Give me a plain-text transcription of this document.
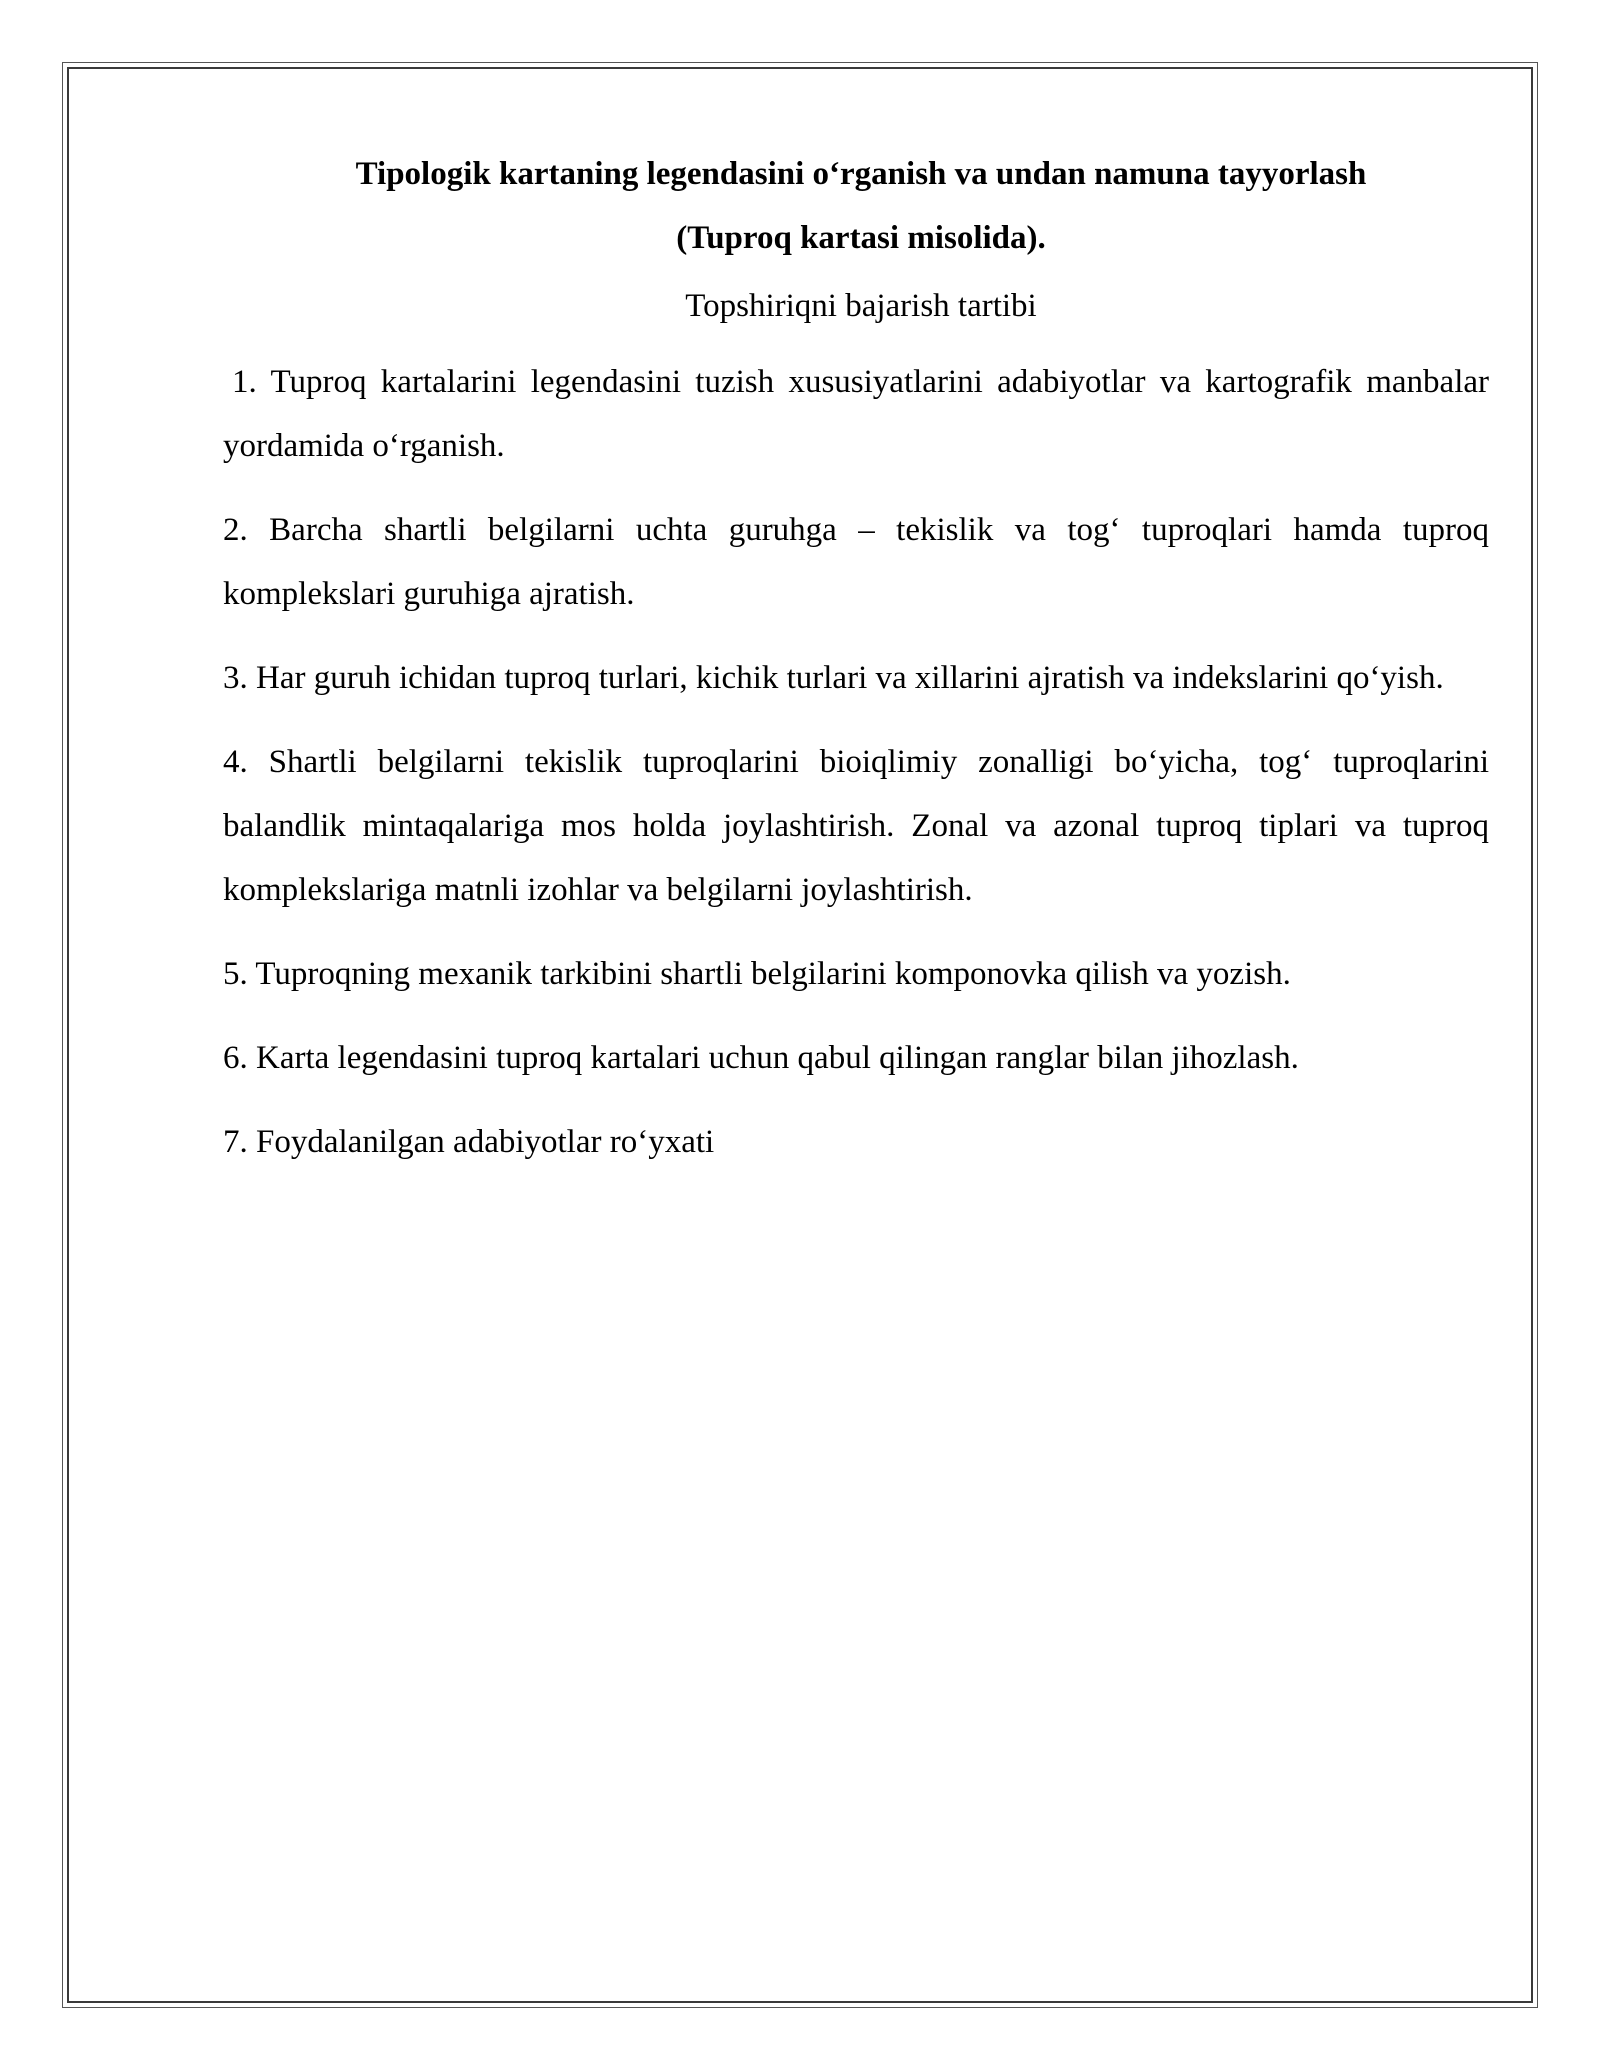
Tipologik kartaning legendasini o‘rganish va undan namuna tayyorlash
(Tuproq kartasi misolida).
Topshiriqni bajarish tartibi
1. Tuproq kartalarini legendasini tuzish xususiyatlarini adabiyotlar va kartografik manbalar yordamida o‘rganish.
2. Barcha shartli belgilarni uchta guruhga – tekislik va tog‘ tuproqlari hamda tuproq komplekslari guruhiga ajratish.
3. Har guruh ichidan tuproq turlari, kichik turlari va xillarini ajratish va indekslarini qo‘yish.
4. Shartli belgilarni tekislik tuproqlarini bioiqlimiy zonalligi bo‘yicha, tog‘ tuproqlarini balandlik mintaqalariga mos holda joylashtirish. Zonal va azonal tuproq tiplari va tuproq komplekslariga matnli izohlar va belgilarni joylashtirish.
5. Tuproqning mexanik tarkibini shartli belgilarini komponovka qilish va yozish.
6. Karta legendasini tuproq kartalari uchun qabul qilingan ranglar bilan jihozlash.
7. Foydalanilgan adabiyotlar ro‘yxati
